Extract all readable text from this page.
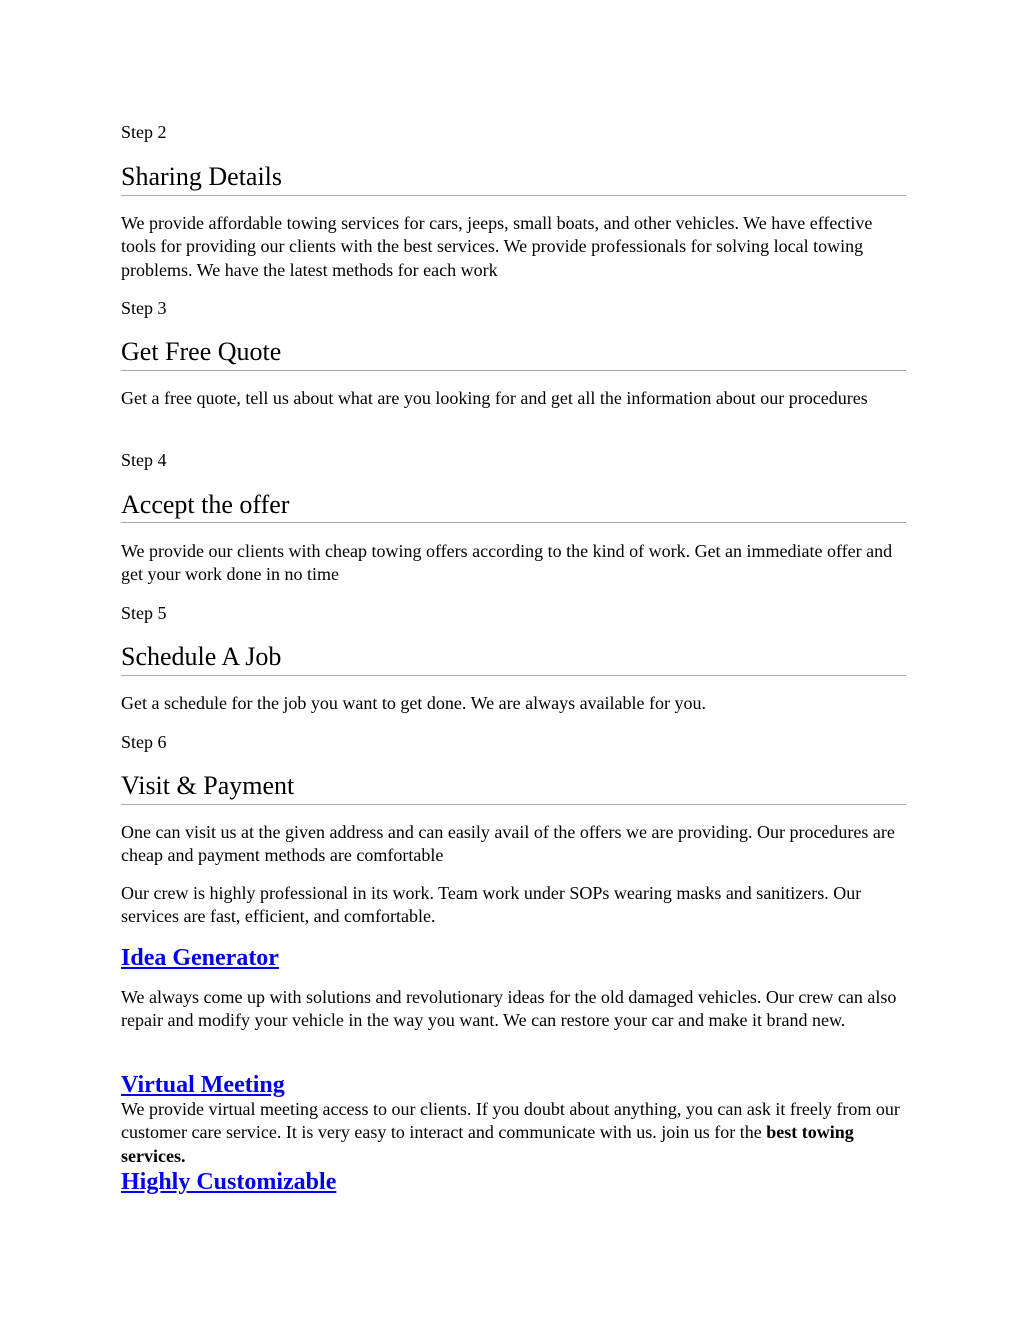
Step 2
Sharing Details

We provide affordable towing services for cars, jeeps, small boats, and other vehicles. We have effective tools for providing our clients with the best services. We provide professionals for solving local towing problems. We have the latest methods for each work

Step 3
Get Free Quote

Get a free quote, tell us about what are you looking for and get all the information about our procedures

Step 4
Accept the offer

We provide our clients with cheap towing offers according to the kind of work. Get an immediate offer and get your work done in no time

Step 5
Schedule A Job

Get a schedule for the job you want to get done. We are always available for you.

Step 6
Visit & Payment

One can visit us at the given address and can easily avail of the offers we are providing. Our procedures are cheap and payment methods are comfortable

Our crew is highly professional in its work. Team work under SOPs wearing masks and sanitizers. Our services are fast, efficient, and comfortable.

Idea Generator

We always come up with solutions and revolutionary ideas for the old damaged vehicles. Our crew can also repair and modify your vehicle in the way you want. We can restore your car and make it brand new.

Virtual Meeting

We provide virtual meeting access to our clients. If you doubt about anything, you can ask it freely from our customer care service. It is very easy to interact and communicate with us. join us for the best towing services.

Highly Customizable
